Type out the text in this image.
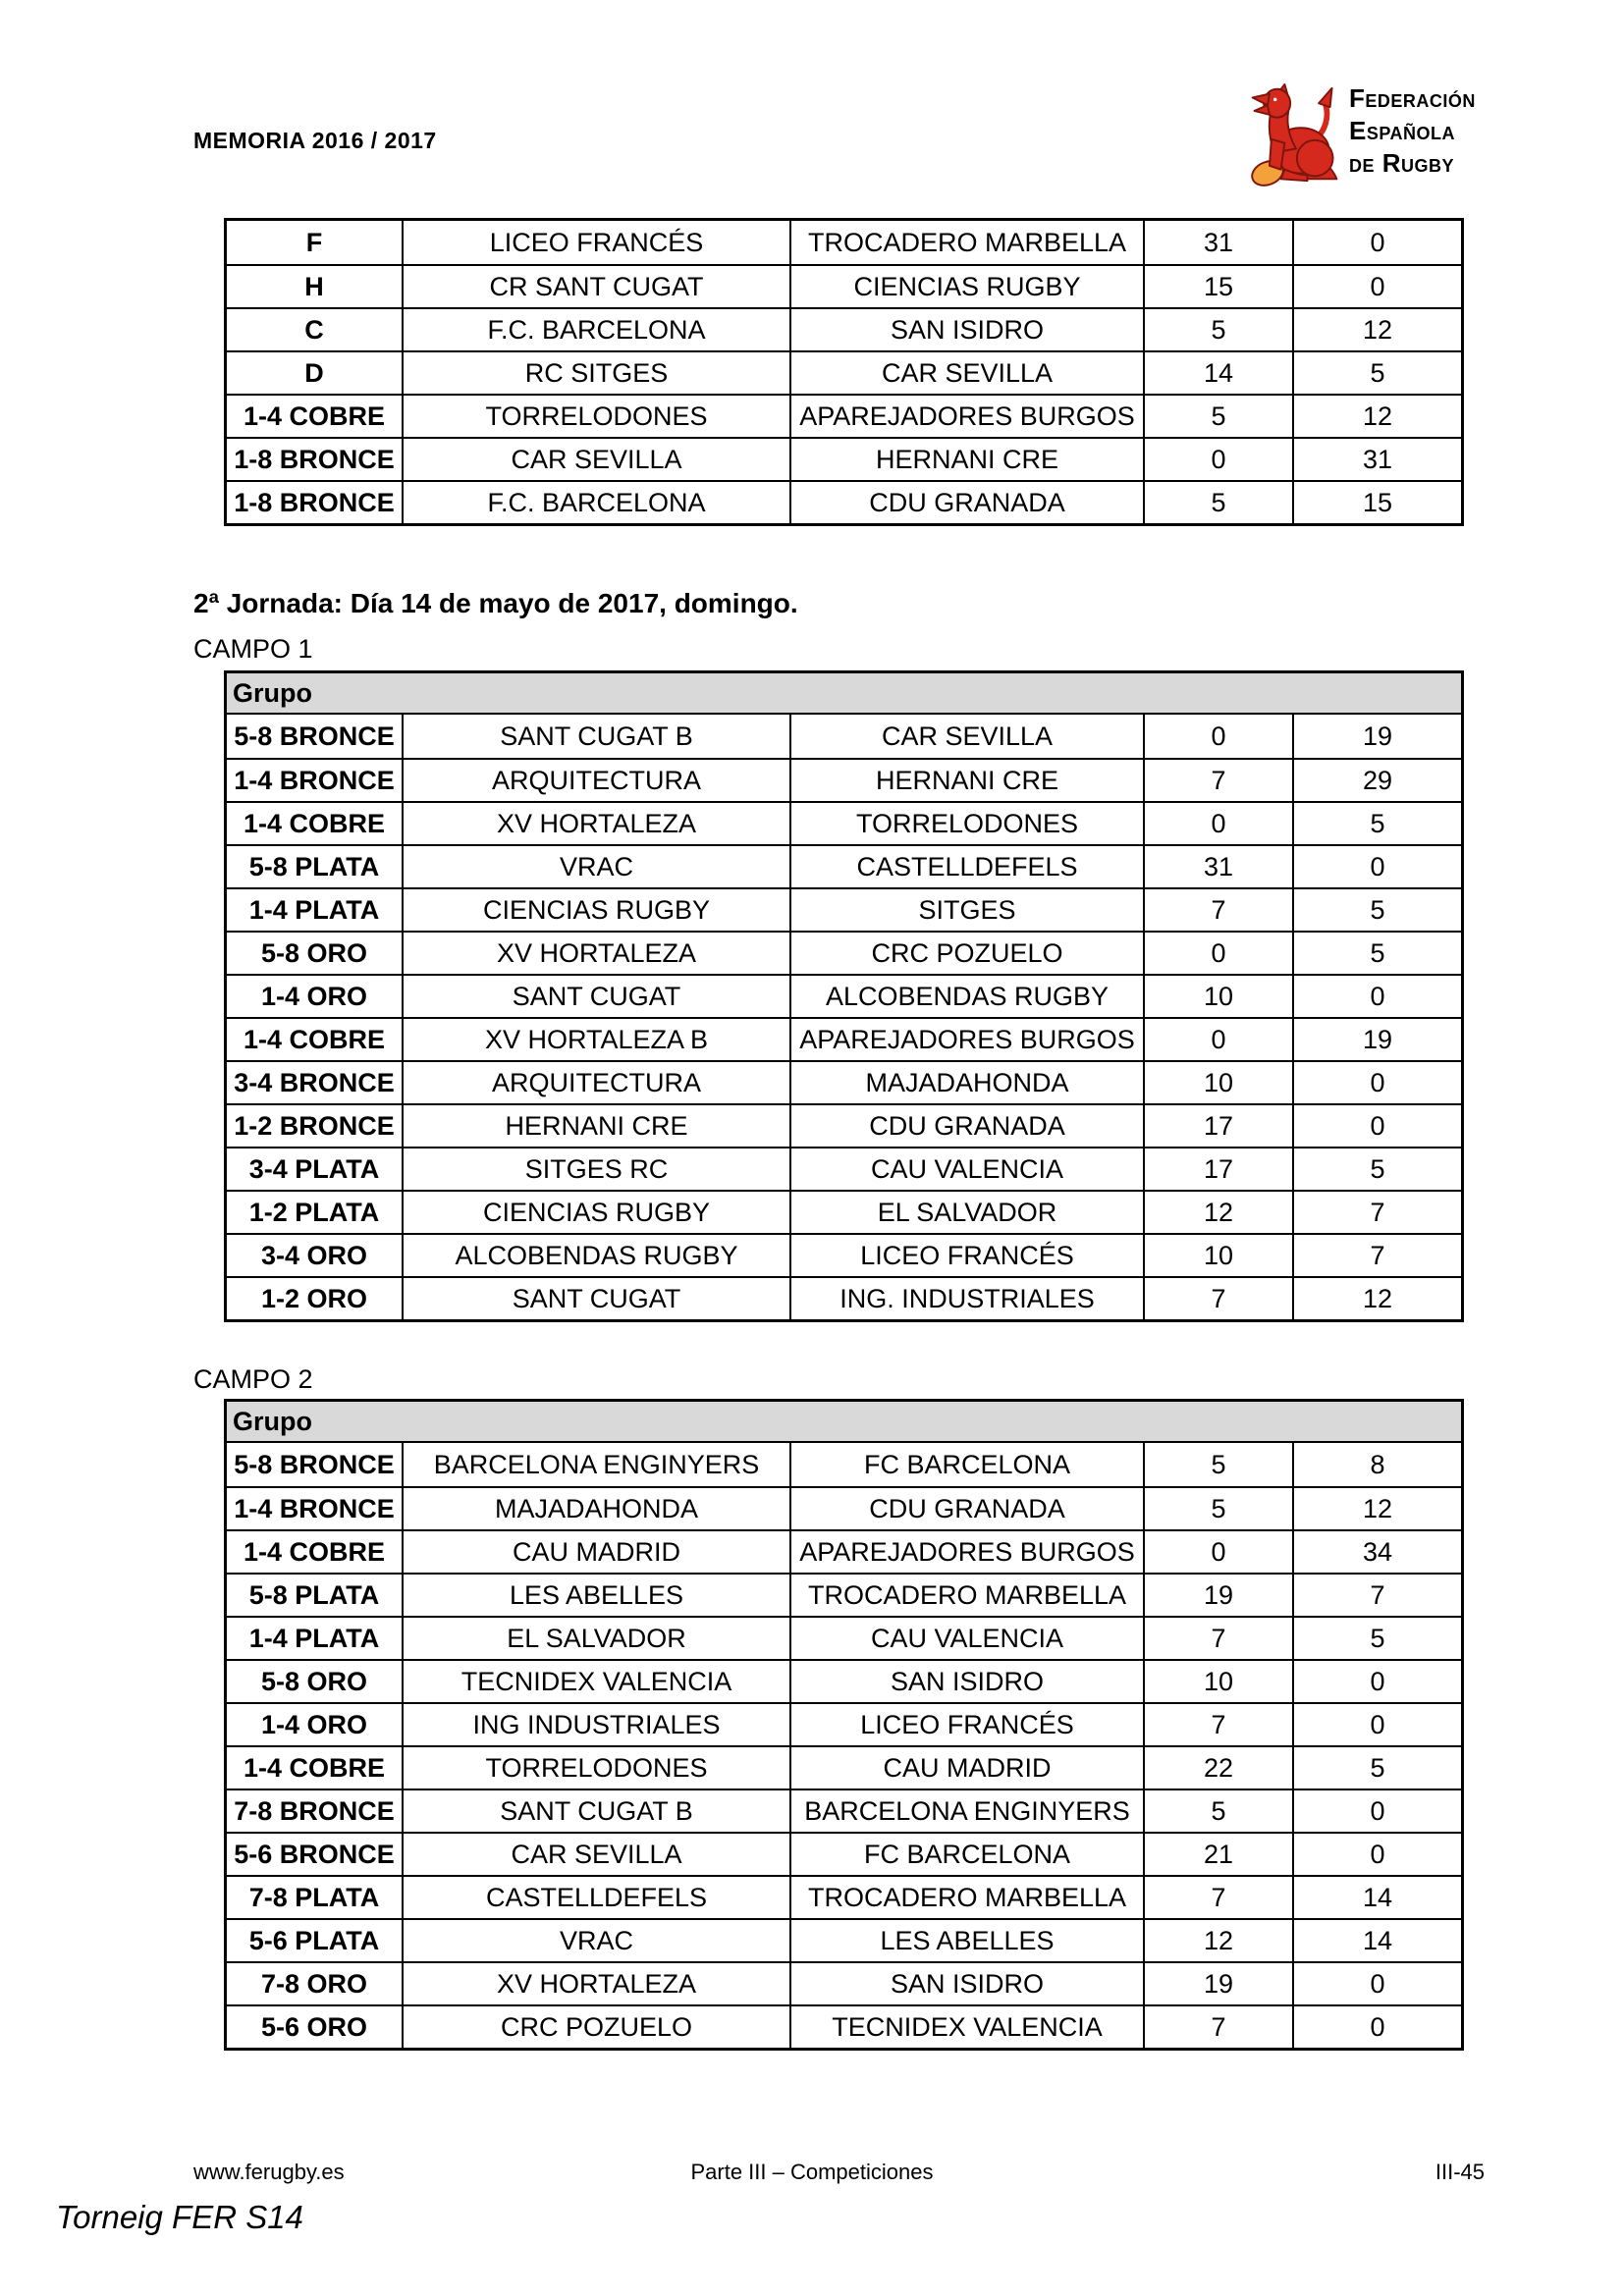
MEMORIA 2016 / 2017
Federación
Española
de Rugby
F	LICEO FRANCÉS	TROCADERO MARBELLA	31	0
H	CR SANT CUGAT	CIENCIAS RUGBY	15	0
C	F.C. BARCELONA	SAN ISIDRO	5	12
D	RC SITGES	CAR SEVILLA	14	5
1-4 COBRE	TORRELODONES	APAREJADORES BURGOS	5	12
1-8 BRONCE	CAR SEVILLA	HERNANI CRE	0	31
1-8 BRONCE	F.C. BARCELONA	CDU GRANADA	5	15
2ª Jornada: Día 14 de mayo de 2017, domingo.
CAMPO 1
Grupo
5-8 BRONCE	SANT CUGAT B	CAR SEVILLA	0	19
1-4 BRONCE	ARQUITECTURA	HERNANI CRE	7	29
1-4 COBRE	XV HORTALEZA	TORRELODONES	0	5
5-8 PLATA	VRAC	CASTELLDEFELS	31	0
1-4 PLATA	CIENCIAS RUGBY	SITGES	7	5
5-8 ORO	XV HORTALEZA	CRC POZUELO	0	5
1-4 ORO	SANT CUGAT	ALCOBENDAS RUGBY	10	0
1-4 COBRE	XV HORTALEZA B	APAREJADORES BURGOS	0	19
3-4 BRONCE	ARQUITECTURA	MAJADAHONDA	10	0
1-2 BRONCE	HERNANI CRE	CDU GRANADA	17	0
3-4 PLATA	SITGES RC	CAU VALENCIA	17	5
1-2 PLATA	CIENCIAS RUGBY	EL SALVADOR	12	7
3-4 ORO	ALCOBENDAS RUGBY	LICEO FRANCÉS	10	7
1-2 ORO	SANT CUGAT	ING. INDUSTRIALES	7	12
CAMPO 2
Grupo
5-8 BRONCE	BARCELONA ENGINYERS	FC BARCELONA	5	8
1-4 BRONCE	MAJADAHONDA	CDU GRANADA	5	12
1-4 COBRE	CAU MADRID	APAREJADORES BURGOS	0	34
5-8 PLATA	LES ABELLES	TROCADERO MARBELLA	19	7
1-4 PLATA	EL SALVADOR	CAU VALENCIA	7	5
5-8 ORO	TECNIDEX VALENCIA	SAN ISIDRO	10	0
1-4 ORO	ING INDUSTRIALES	LICEO FRANCÉS	7	0
1-4 COBRE	TORRELODONES	CAU MADRID	22	5
7-8 BRONCE	SANT CUGAT B	BARCELONA ENGINYERS	5	0
5-6 BRONCE	CAR SEVILLA	FC BARCELONA	21	0
7-8 PLATA	CASTELLDEFELS	TROCADERO MARBELLA	7	14
5-6 PLATA	VRAC	LES ABELLES	12	14
7-8 ORO	XV HORTALEZA	SAN ISIDRO	19	0
5-6 ORO	CRC POZUELO	TECNIDEX VALENCIA	7	0
www.ferugby.es	Parte III – Competiciones	III-45
Torneig FER S14
